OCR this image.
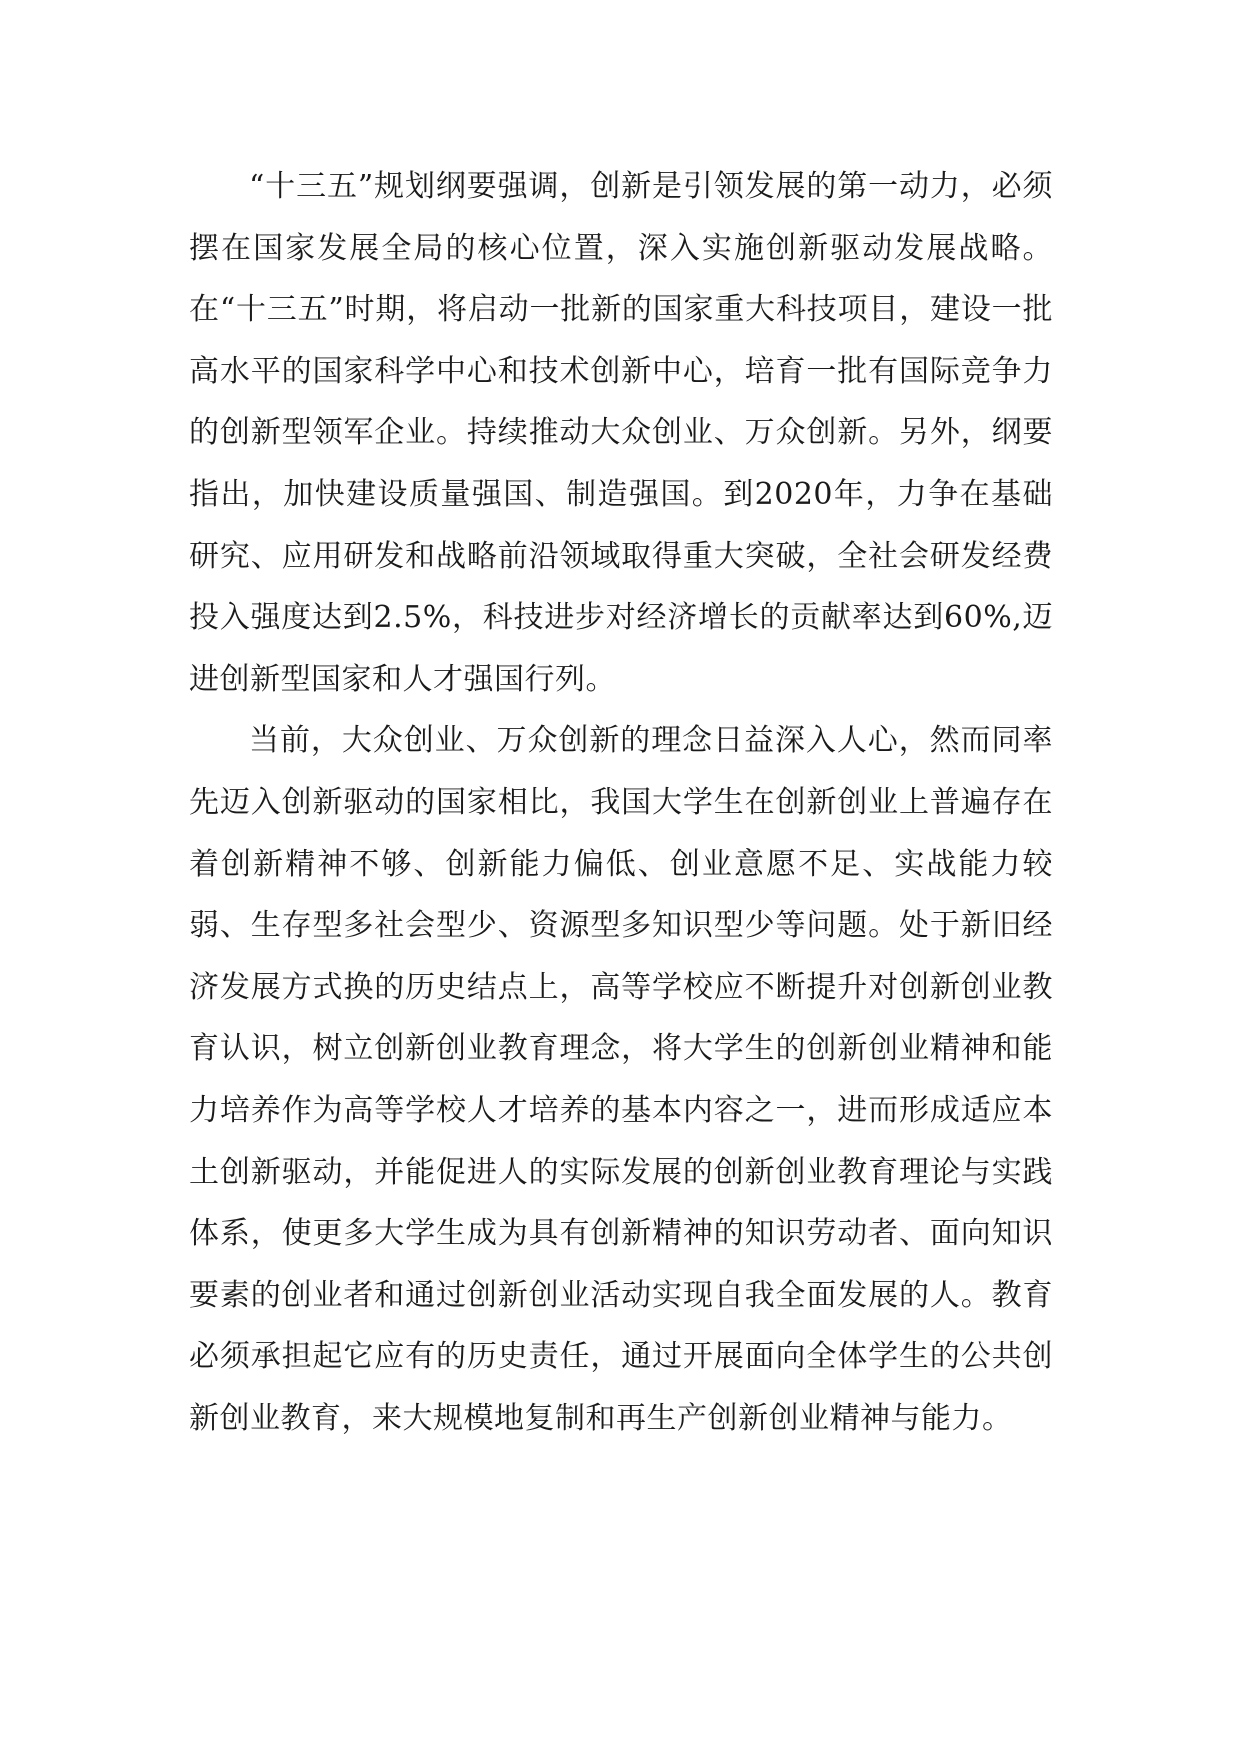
“十三五”规划纲要强调，创新是引领发展的第一动力，必须摆在国家发展全局的核心位置，深入实施创新驱动发展战略。在“十三五”时期，将启动一批新的国家重大科技项目，建设一批高水平的国家科学中心和技术创新中心，培育一批有国际竞争力的创新型领军企业。持续推动大众创业、万众创新。另外，纲要指出，加快建设质量强国、制造强国。到2020年，力争在基础研究、应用研发和战略前沿领域取得重大突破，全社会研发经费投入强度达到2.5%，科技进步对经济增长的贡献率达到60%,迈进创新型国家和人才强国行列。

当前，大众创业、万众创新的理念日益深入人心，然而同率先迈入创新驱动的国家相比，我国大学生在创新创业上普遍存在着创新精神不够、创新能力偏低、创业意愿不足、实战能力较弱、生存型多社会型少、资源型多知识型少等问题。处于新旧经济发展方式换的历史结点上，高等学校应不断提升对创新创业教育认识，树立创新创业教育理念，将大学生的创新创业精神和能力培养作为高等学校人才培养的基本内容之一，进而形成适应本土创新驱动，并能促进人的实际发展的创新创业教育理论与实践体系，使更多大学生成为具有创新精神的知识劳动者、面向知识要素的创业者和通过创新创业活动实现自我全面发展的人。教育必须承担起它应有的历史责任，通过开展面向全体学生的公共创新创业教育，来大规模地复制和再生产创新创业精神与能力。
